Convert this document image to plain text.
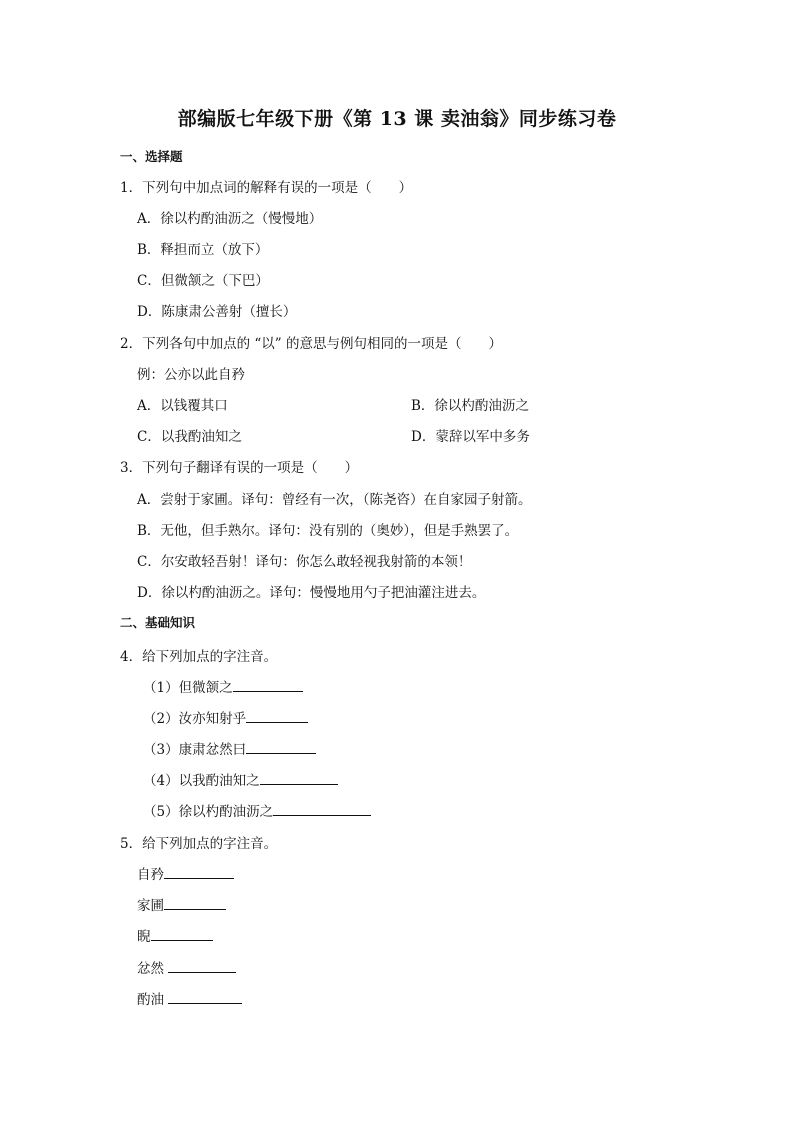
部编版七年级下册《第 13 课 卖油翁》同步练习卷
一、选择题
1．下列句中加点词的解释有误的一项是（　　）
A．徐以杓酌油沥之（慢慢地）
B．释担而立（放下）
C．但微颔之（下巴）
D．陈康肃公善射（擅长）
2．下列各句中加点的 “以” 的意思与例句相同的一项是（　　）
例：公亦以此自矜
A．以钱覆其口	B．徐以杓酌油沥之
C．以我酌油知之	D．蒙辞以军中多务
3．下列句子翻译有误的一项是（　　）
A．尝射于家圃。译句：曾经有一次，（陈尧咨）在自家园子射箭。
B．无他，但手熟尔。译句：没有别的（奥妙），但是手熟罢了。
C．尔安敢轻吾射！译句：你怎么敢轻视我射箭的本领！
D．徐以杓酌油沥之。译句：慢慢地用勺子把油灌注进去。
二、基础知识
4．给下列加点的字注音。
（1）但微颔之
（2）汝亦知射乎
（3）康肃忿然曰
（4）以我酌油知之
（5）徐以杓酌油沥之
5．给下列加点的字注音。
自矜
家圃
睨
忿然
酌油
